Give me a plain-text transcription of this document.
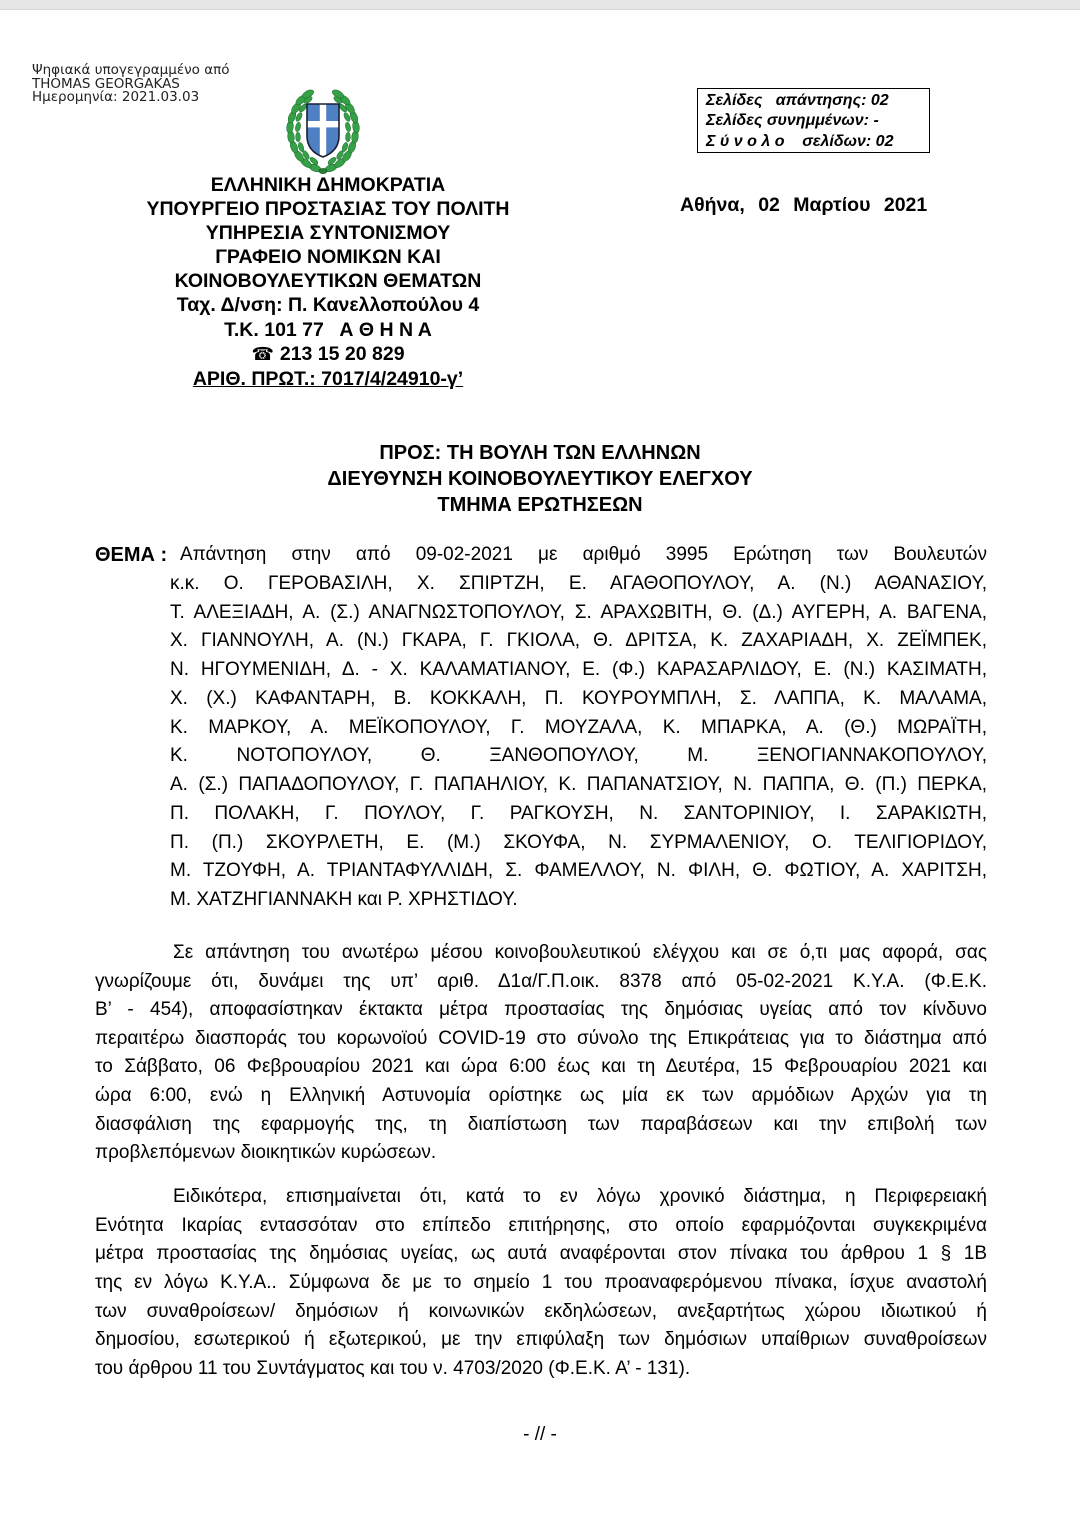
Ψηφιακά υπογεγραμμένο από
THOMAS GEORGAKAS
Ημερομηνία: 2021.03.03	Σελίδες   απάντησης: 02
Σελίδες συνημμένων: -
Σ ύ ν ο λ ο    σελίδων: 02
ΕΛΛΗΝΙΚΗ ΔΗΜΟΚΡΑΤΙΑ
ΥΠΟΥΡΓΕΙΟ ΠΡΟΣΤΑΣΙΑΣ ΤΟΥ ΠΟΛΙΤΗ
ΥΠΗΡΕΣΙΑ ΣΥΝΤΟΝΙΣΜΟΥ
ΓΡΑΦΕΙΟ ΝΟΜΙΚΩΝ ΚΑΙ
ΚΟΙΝΟΒΟΥΛΕΥΤΙΚΩΝ ΘΕΜΑΤΩΝ
Ταχ. Δ/νση: Π. Κανελλοπούλου 4
Τ.Κ. 101 77   Α Θ Η Ν Α
☎ 213 15 20 829
ΑΡΙΘ. ΠΡΩΤ.: 7017/4/24910-γ’
Αθήνα, 02 Μαρτίου 2021
ΠΡΟΣ: ΤΗ ΒΟΥΛΗ ΤΩΝ ΕΛΛΗΝΩΝ
ΔΙΕΥΘΥΝΣΗ ΚΟΙΝΟΒΟΥΛΕΥΤΙΚΟΥ ΕΛΕΓΧΟΥ
ΤΜΗΜΑ ΕΡΩΤΗΣΕΩΝ
ΘΕΜΑ : Απάντηση στην από 09-02-2021 με αριθμό 3995 Ερώτηση των Βουλευτών
κ.κ. Ο. ΓΕΡΟΒΑΣΙΛΗ, Χ. ΣΠΙΡΤΖΗ, Ε. ΑΓΑΘΟΠΟΥΛΟΥ, Α. (Ν.) ΑΘΑΝΑΣΙΟΥ,
Τ. ΑΛΕΞΙΑΔΗ, Α. (Σ.) ΑΝΑΓΝΩΣΤΟΠΟΥΛΟΥ, Σ. ΑΡΑΧΩΒΙΤΗ, Θ. (Δ.) ΑΥΓΕΡΗ, Α. ΒΑΓΕΝΑ,
Χ. ΓΙΑΝΝΟΥΛΗ, Α. (Ν.) ΓΚΑΡΑ, Γ. ΓΚΙΟΛΑ, Θ. ΔΡΙΤΣΑ, Κ. ΖΑΧΑΡΙΑΔΗ, Χ. ΖΕΪΜΠΕΚ,
Ν. ΗΓΟΥΜΕΝΙΔΗ, Δ. - Χ. ΚΑΛΑΜΑΤΙΑΝΟΥ, Ε. (Φ.) ΚΑΡΑΣΑΡΛΙΔΟΥ, Ε. (Ν.) ΚΑΣΙΜΑΤΗ,
Χ. (Χ.) ΚΑΦΑΝΤΑΡΗ, Β. ΚΟΚΚΑΛΗ, Π. ΚΟΥΡΟΥΜΠΛΗ, Σ. ΛΑΠΠΑ, Κ. ΜΑΛΑΜΑ,
Κ. ΜΑΡΚΟΥ, Α. ΜΕΪΚΟΠΟΥΛΟΥ, Γ. ΜΟΥΖΑΛΑ, Κ. ΜΠΑΡΚΑ, Α. (Θ.) ΜΩΡΑΪΤΗ,
Κ. ΝΟΤΟΠΟΥΛΟΥ, Θ. ΞΑΝΘΟΠΟΥΛΟΥ, Μ. ΞΕΝΟΓΙΑΝΝΑΚΟΠΟΥΛΟΥ,
Α. (Σ.) ΠΑΠΑΔΟΠΟΥΛΟΥ, Γ. ΠΑΠΑΗΛΙΟΥ, Κ. ΠΑΠΑΝΑΤΣΙΟΥ, Ν. ΠΑΠΠΑ, Θ. (Π.) ΠΕΡΚΑ,
Π. ΠΟΛΑΚΗ, Γ. ΠΟΥΛΟΥ, Γ. ΡΑΓΚΟΥΣΗ, Ν. ΣΑΝΤΟΡΙΝΙΟΥ, Ι. ΣΑΡΑΚΙΩΤΗ,
Π. (Π.) ΣΚΟΥΡΛΕΤΗ, Ε. (Μ.) ΣΚΟΥΦΑ, Ν. ΣΥΡΜΑΛΕΝΙΟΥ, Ο. ΤΕΛΙΓΙΟΡΙΔΟΥ,
Μ. ΤΖΟΥΦΗ, Α. ΤΡΙΑΝΤΑΦΥΛΛΙΔΗ, Σ. ΦΑΜΕΛΛΟΥ, Ν. ΦΙΛΗ, Θ. ΦΩΤΙΟΥ, Α. ΧΑΡΙΤΣΗ,
Μ. ΧΑΤΖΗΓΙΑΝΝΑΚΗ και Ρ. ΧΡΗΣΤΙΔΟΥ.
Σε απάντηση του ανωτέρω μέσου κοινοβουλευτικού ελέγχου και σε ό,τι μας αφορά, σας
γνωρίζουμε ότι, δυνάμει της υπ’ αριθ. Δ1α/Γ.Π.οικ. 8378 από 05-02-2021 Κ.Υ.Α. (Φ.Ε.Κ.
Β’ - 454), αποφασίστηκαν έκτακτα μέτρα προστασίας της δημόσιας υγείας από τον κίνδυνο
περαιτέρω διασποράς του κορωνοϊού COVID-19 στο σύνολο της Επικράτειας για το διάστημα από
το Σάββατο, 06 Φεβρουαρίου 2021 και ώρα 6:00 έως και τη Δευτέρα, 15 Φεβρουαρίου 2021 και
ώρα 6:00, ενώ η Ελληνική Αστυνομία ορίστηκε ως μία εκ των αρμόδιων Αρχών για τη
διασφάλιση της εφαρμογής της, τη διαπίστωση των παραβάσεων και την επιβολή των
προβλεπόμενων διοικητικών κυρώσεων.
Ειδικότερα, επισημαίνεται ότι, κατά το εν λόγω χρονικό διάστημα, η Περιφερειακή
Ενότητα Ικαρίας εντασσόταν στο επίπεδο επιτήρησης, στο οποίο εφαρμόζονται συγκεκριμένα
μέτρα προστασίας της δημόσιας υγείας, ως αυτά αναφέρονται στον πίνακα του άρθρου 1 § 1Β
της εν λόγω Κ.Υ.Α.. Σύμφωνα δε με το σημείο 1 του προαναφερόμενου πίνακα, ίσχυε αναστολή
των συναθροίσεων/ δημόσιων ή κοινωνικών εκδηλώσεων, ανεξαρτήτως χώρου ιδιωτικού ή
δημοσίου, εσωτερικού ή εξωτερικού, με την επιφύλαξη των δημόσιων υπαίθριων συναθροίσεων
του άρθρου 11 του Συντάγματος και του ν. 4703/2020 (Φ.Ε.Κ. Α’ - 131).
- // -
